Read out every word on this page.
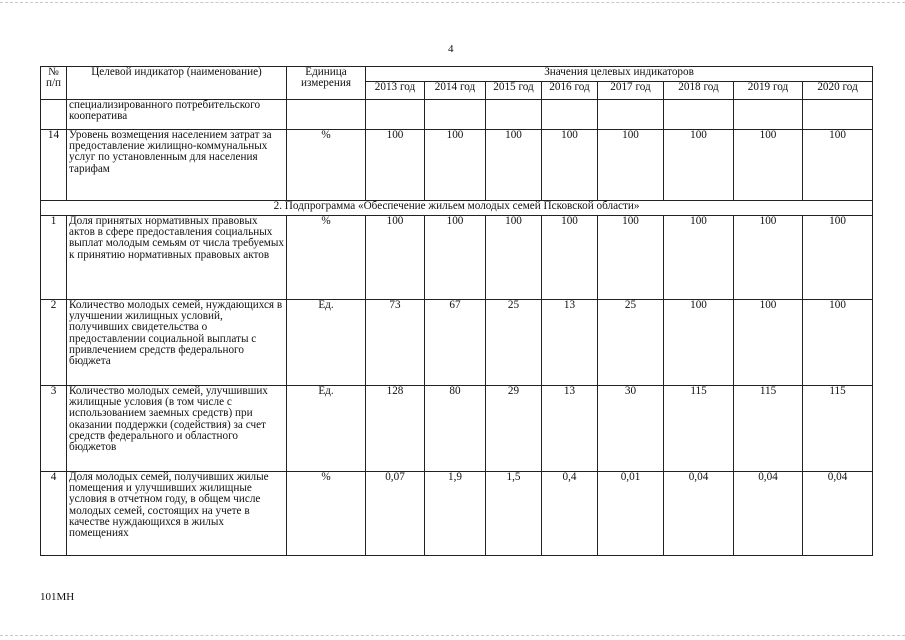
4
№ п/п	Целевой индикатор (наименование)	Единица измерения	Значения целевых индикаторов							
			2013 год	2014 год	2015 год	2016 год	2017 год	2018 год	2019 год	2020 год
	специализированного потребительского кооператива									
14	Уровень возмещения населением затрат за предоставление жилищно-коммунальных услуг по установленным для населения тарифам	%	100	100	100	100	100	100	100	100
2. Подпрограмма «Обеспечение жильем молодых семей Псковской области»										
1	Доля принятых нормативных правовых актов в сфере предоставления социальных выплат молодым семьям от числа требуемых к принятию нормативных правовых актов	%	100	100	100	100	100	100	100	100
2	Количество молодых семей, нуждающихся в улучшении жилищных условий, получивших свидетельства о предоставлении социальной выплаты с привлечением средств федерального бюджета	Ед.	73	67	25	13	25	100	100	100
3	Количество молодых семей, улучшивших жилищные условия (в том числе с использованием заемных средств) при оказании поддержки (содействия) за счет средств федерального и областного бюджетов	Ед.	128	80	29	13	30	115	115	115
4	Доля молодых семей, получивших жилые помещения и улучшивших жилищные условия в отчетном году, в общем числе молодых семей, состоящих на учете в качестве нуждающихся в жилых помещениях	%	0,07	1,9	1,5	0,4	0,01	0,04	0,04	0,04
101МН
